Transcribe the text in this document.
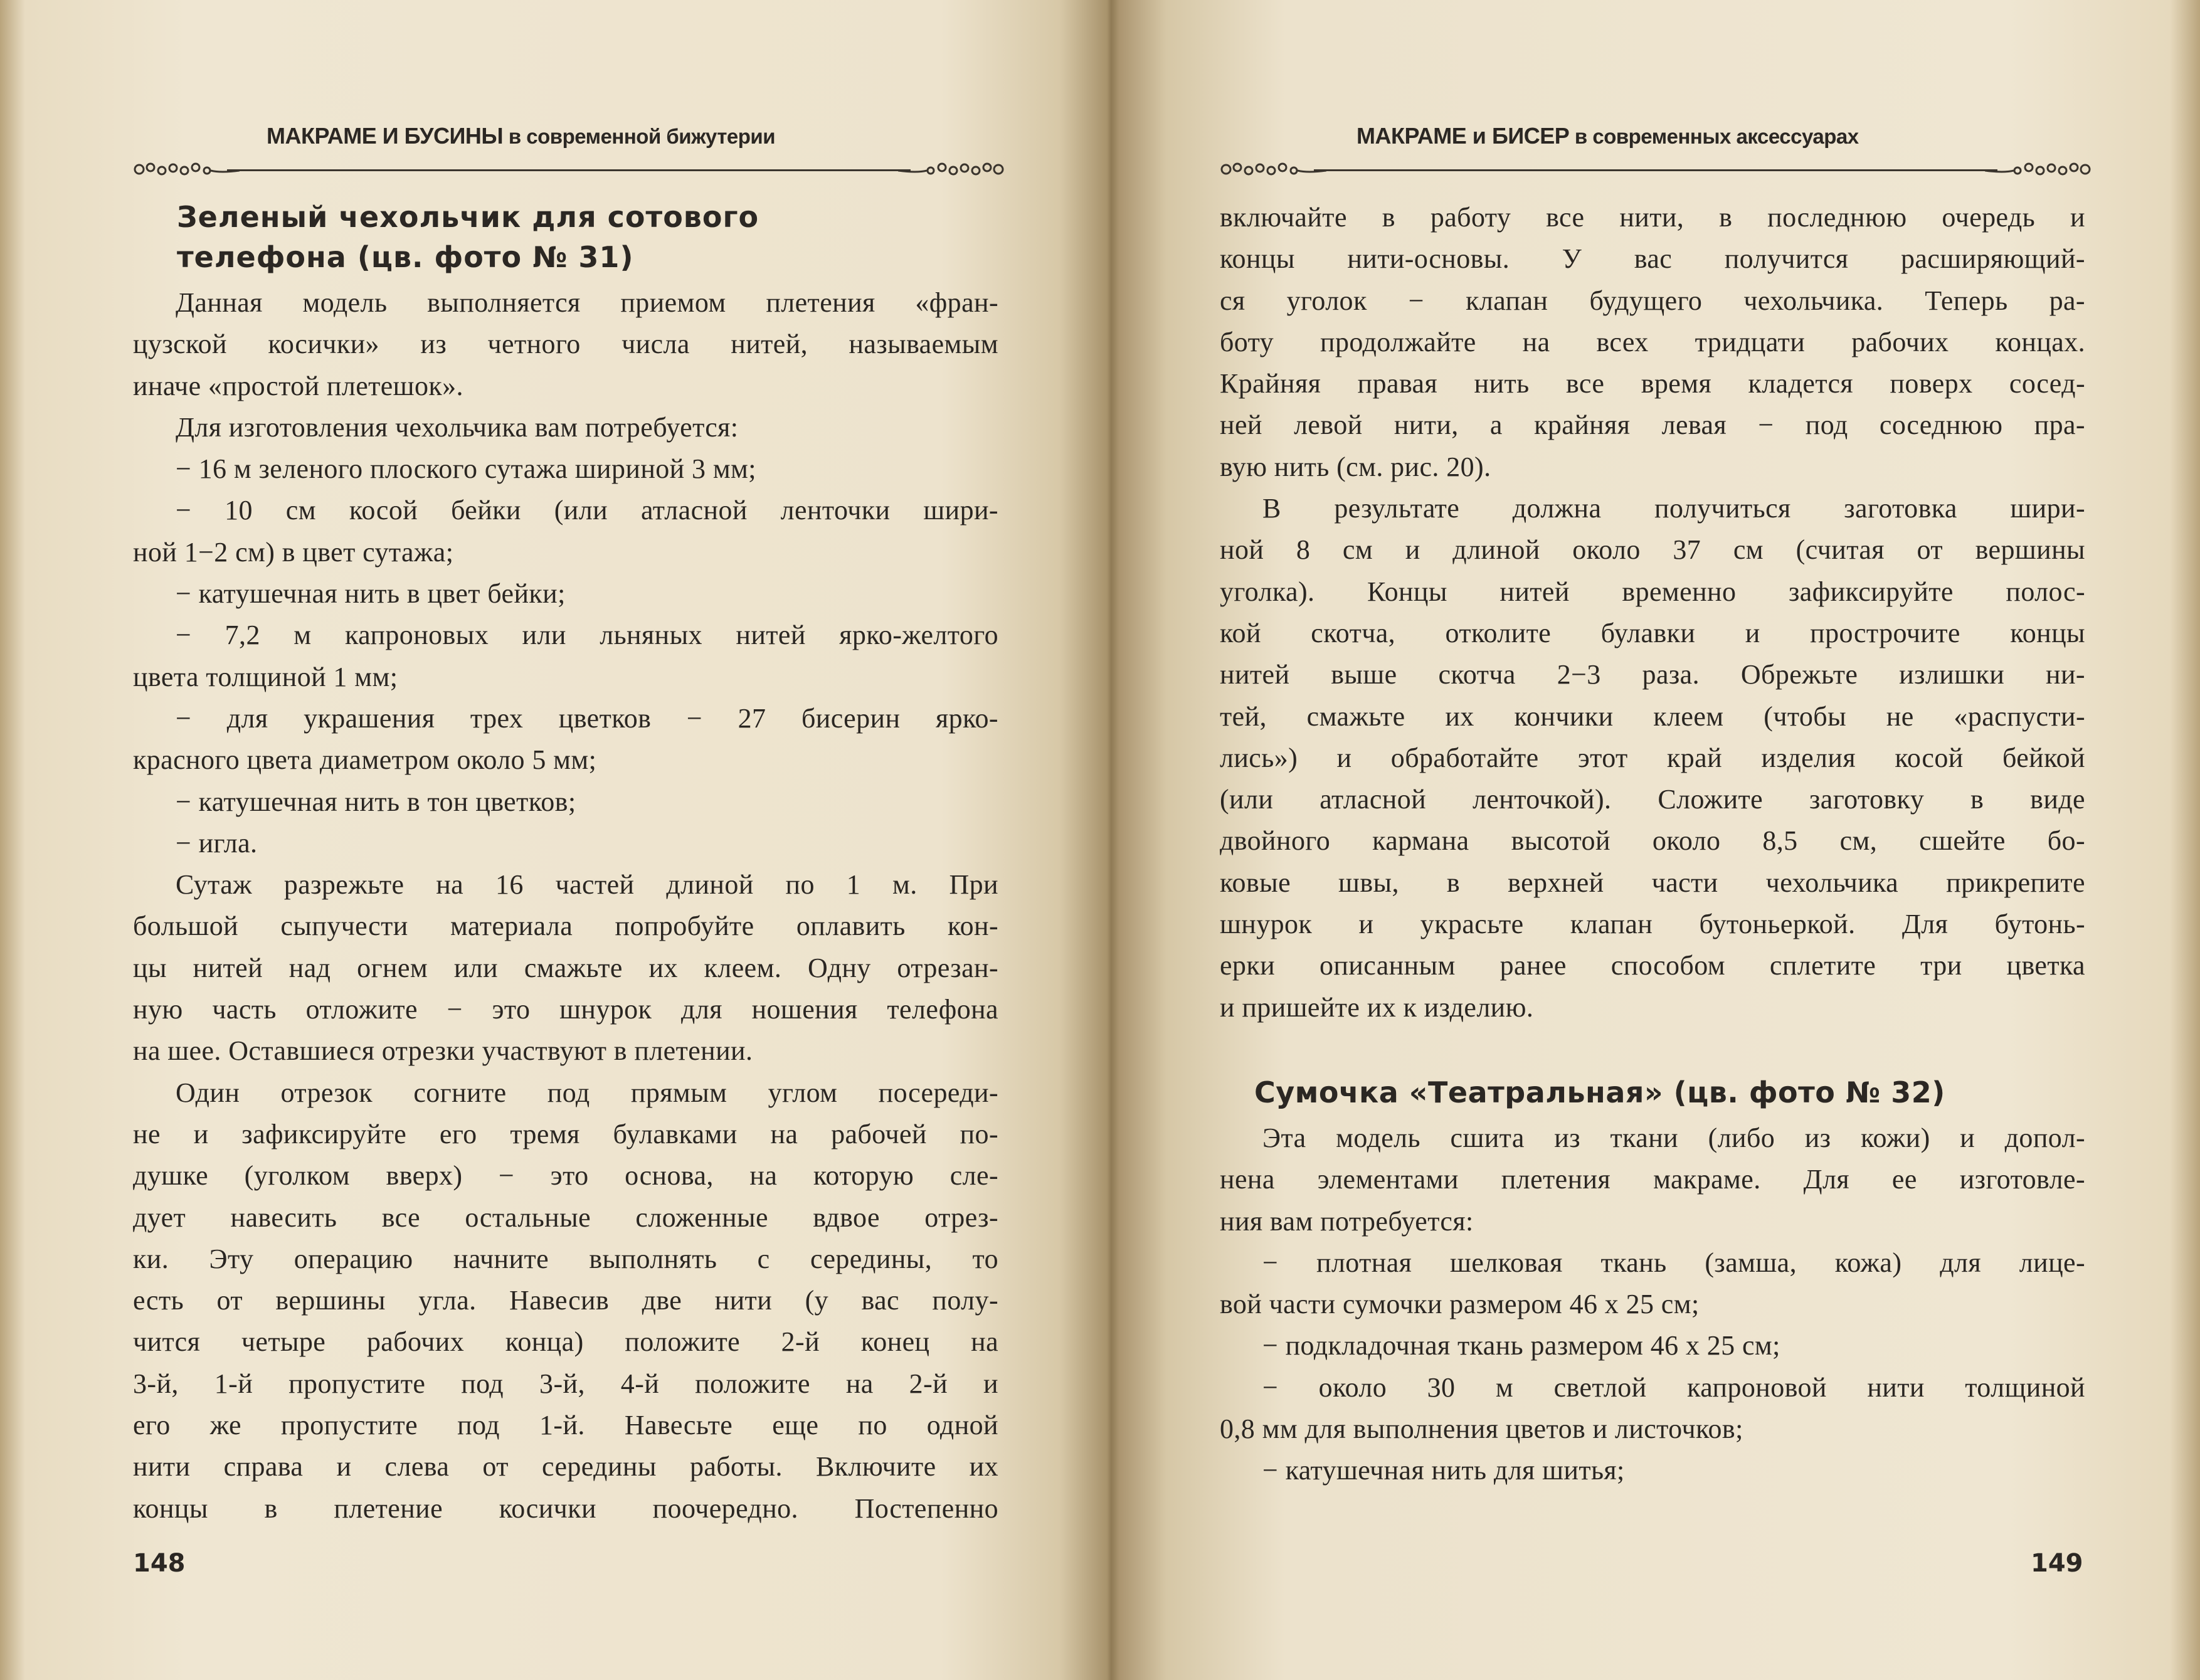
МАКРАМЕ И БУСИНЫ в современной бижутерии
Зеленый чехольчик для сотового
телефона (цв. фото № 31)

Данная модель выполняется приемом плетения «фран-

цузской косички» из четного числа нитей, называемым

иначе «простой плетешок».

Для изготовления чехольчика вам потребуется:

− 16 м зеленого плоского сутажа шириной 3 мм;

− 10 см косой бейки (или атласной ленточки шири-

ной 1−2 см) в цвет сутажа;

− катушечная нить в цвет бейки;

− 7,2 м капроновых или льняных нитей ярко-желтого

цвета толщиной 1 мм;

− для украшения трех цветков − 27 бисерин ярко-

красного цвета диаметром около 5 мм;

− катушечная нить в тон цветков;

− игла.

Сутаж разрежьте на 16 частей длиной по 1 м. При

большой сыпучести материала попробуйте оплавить кон-

цы нитей над огнем или смажьте их клеем. Одну отрезан-

ную часть отложите − это шнурок для ношения телефона

на шее. Оставшиеся отрезки участвуют в плетении.

Один отрезок согните под прямым углом посереди-

не и зафиксируйте его тремя булавками на рабочей по-

душке (уголком вверх) − это основа, на которую сле-

дует навесить все остальные сложенные вдвое отрез-

ки. Эту операцию начните выполнять с середины, то

есть от вершины угла. Навесив две нити (у вас полу-

чится четыре рабочих конца) положите 2-й конец на

3-й, 1-й пропустите под 3-й, 4-й положите на 2-й и

его же пропустите под 1-й. Навесьте еще по одной

нити справа и слева от середины работы. Включите их

концы в плетение косички поочередно. Постепенно

148
МАКРАМЕ и БИСЕР в современных аксессуарах

включайте в работу все нити, в последнюю очередь и

концы нити-основы. У вас получится расширяющий-

ся уголок − клапан будущего чехольчика. Теперь ра-

боту продолжайте на всех тридцати рабочих концах.

Крайняя правая нить все время кладется поверх сосед-

ней левой нити, а крайняя левая − под соседнюю пра-

вую нить (см. рис. 20).

В результате должна получиться заготовка шири-

ной 8 см и длиной около 37 см (считая от вершины

уголка). Концы нитей временно зафиксируйте полос-

кой скотча, отколите булавки и прострочите концы

нитей выше скотча 2−3 раза. Обрежьте излишки ни-

тей, смажьте их кончики клеем (чтобы не «распусти-

лись») и обработайте этот край изделия косой бейкой

(или атласной ленточкой). Сложите заготовку в виде

двойного кармана высотой около 8,5 см, сшейте бо-

ковые швы, в верхней части чехольчика прикрепите

шнурок и украсьте клапан бутоньеркой. Для бутонь-

ерки описанным ранее способом сплетите три цветка

и пришейте их к изделию.

Сумочка «Театральная» (цв. фото № 32)

Эта модель сшита из ткани (либо из кожи) и допол-

нена элементами плетения макраме. Для ее изготовле-

ния вам потребуется:

− плотная шелковая ткань (замша, кожа) для лице-

вой части сумочки размером 46 х 25 см;

− подкладочная ткань размером 46 х 25 см;

− около 30 м светлой капроновой нити толщиной

0,8 мм для выполнения цветов и листочков;

− катушечная нить для шитья;

149
